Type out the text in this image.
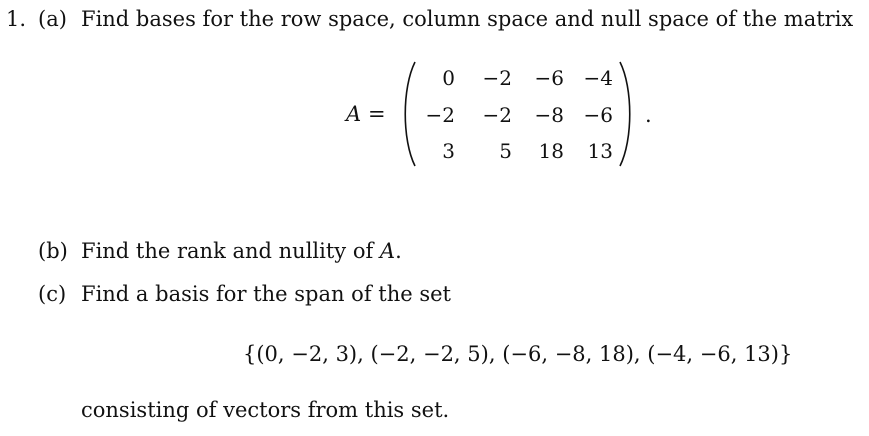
1. (a) Find bases for the row space, column space and null space of the matrix
A =
0	−2	−6 −4
−2	−2	−8 −6
3	5	18	13
.
(b) Find the rank and nullity of A.
(c) Find a basis for the span of the set
{(0, −2, 3), (−2, −2, 5), (−6, −8, 18), (−4, −6, 13)}
consisting of vectors from this set.
